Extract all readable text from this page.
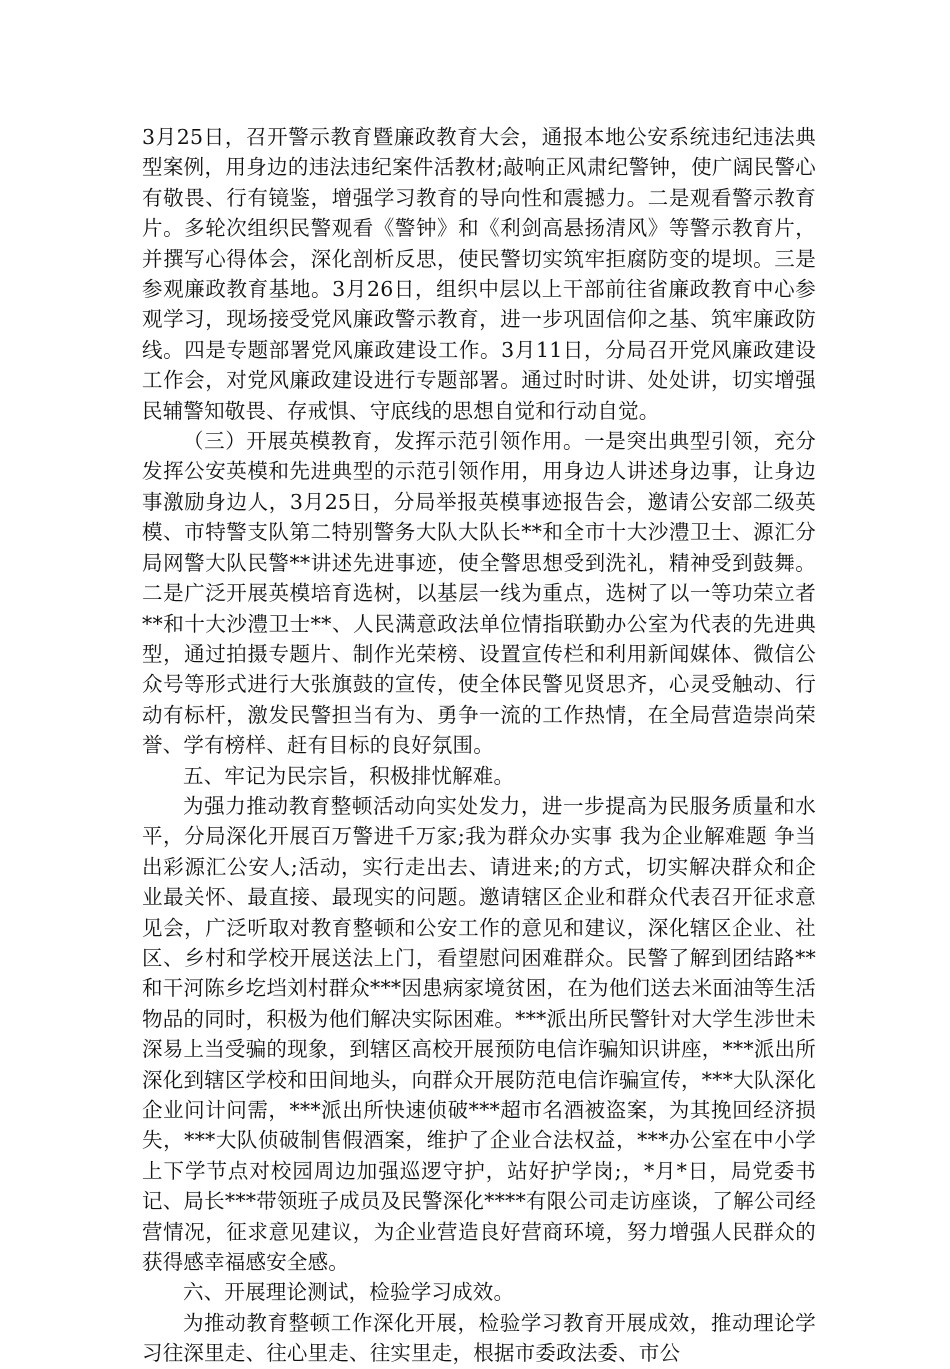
3月25日，召开警示教育暨廉政教育大会，通报本地公安系统违纪违法典型案例，用身边的违法违纪案件活教材;敲响正风肃纪警钟，使广阔民警心有敬畏、行有镜鉴，增强学习教育的导向性和震撼力。二是观看警示教育片。多轮次组织民警观看《警钟》和《利剑高悬扬清风》等警示教育片，并撰写心得体会，深化剖析反思，使民警切实筑牢拒腐防变的堤坝。三是参观廉政教育基地。3月26日，组织中层以上干部前往省廉政教育中心参观学习，现场接受党风廉政警示教育，进一步巩固信仰之基、筑牢廉政防线。四是专题部署党风廉政建设工作。3月11日，分局召开党风廉政建设工作会，对党风廉政建设进行专题部署。通过时时讲、处处讲，切实增强民辅警知敬畏、存戒惧、守底线的思想自觉和行动自觉。

（三）开展英模教育，发挥示范引领作用。一是突出典型引领，充分发挥公安英模和先进典型的示范引领作用，用身边人讲述身边事，让身边事激励身边人，3月25日，分局举报英模事迹报告会，邀请公安部二级英模、市特警支队第二特别警务大队大队长**和全市十大沙澧卫士、源汇分局网警大队民警**讲述先进事迹，使全警思想受到洗礼，精神受到鼓舞。二是广泛开展英模培育选树，以基层一线为重点，选树了以一等功荣立者**和十大沙澧卫士**、人民满意政法单位情指联勤办公室为代表的先进典型，通过拍摄专题片、制作光荣榜、设置宣传栏和利用新闻媒体、微信公众号等形式进行大张旗鼓的宣传，使全体民警见贤思齐，心灵受触动、行动有标杆，激发民警担当有为、勇争一流的工作热情，在全局营造崇尚荣誉、学有榜样、赶有目标的良好氛围。

五、牢记为民宗旨，积极排忧解难。

为强力推动教育整顿活动向实处发力，进一步提高为民服务质量和水平，分局深化开展百万警进千万家;我为群众办实事 我为企业解难题 争当出彩源汇公安人;活动，实行走出去、请进来;的方式，切实解决群众和企业最关怀、最直接、最现实的问题。邀请辖区企业和群众代表召开征求意见会，广泛听取对教育整顿和公安工作的意见和建议，深化辖区企业、社区、乡村和学校开展送法上门，看望慰问困难群众。民警了解到团结路**和干河陈乡圪垱刘村群众***因患病家境贫困，在为他们送去米面油等生活物品的同时，积极为他们解决实际困难。***派出所民警针对大学生涉世未深易上当受骗的现象，到辖区高校开展预防电信诈骗知识讲座，***派出所深化到辖区学校和田间地头，向群众开展防范电信诈骗宣传，***大队深化企业问计问需，***派出所快速侦破***超市名酒被盗案，为其挽回经济损失，***大队侦破制售假酒案，维护了企业合法权益，***办公室在中小学上下学节点对校园周边加强巡逻守护，站好护学岗;，*月*日，局党委书记、局长***带领班子成员及民警深化****有限公司走访座谈，了解公司经营情况，征求意见建议，为企业营造良好营商环境，努力增强人民群众的获得感幸福感安全感。

六、开展理论测试，检验学习成效。

为推动教育整顿工作深化开展，检验学习教育开展成效，推动理论学习往深里走、往心里走、往实里走，根据市委政法委、市公
